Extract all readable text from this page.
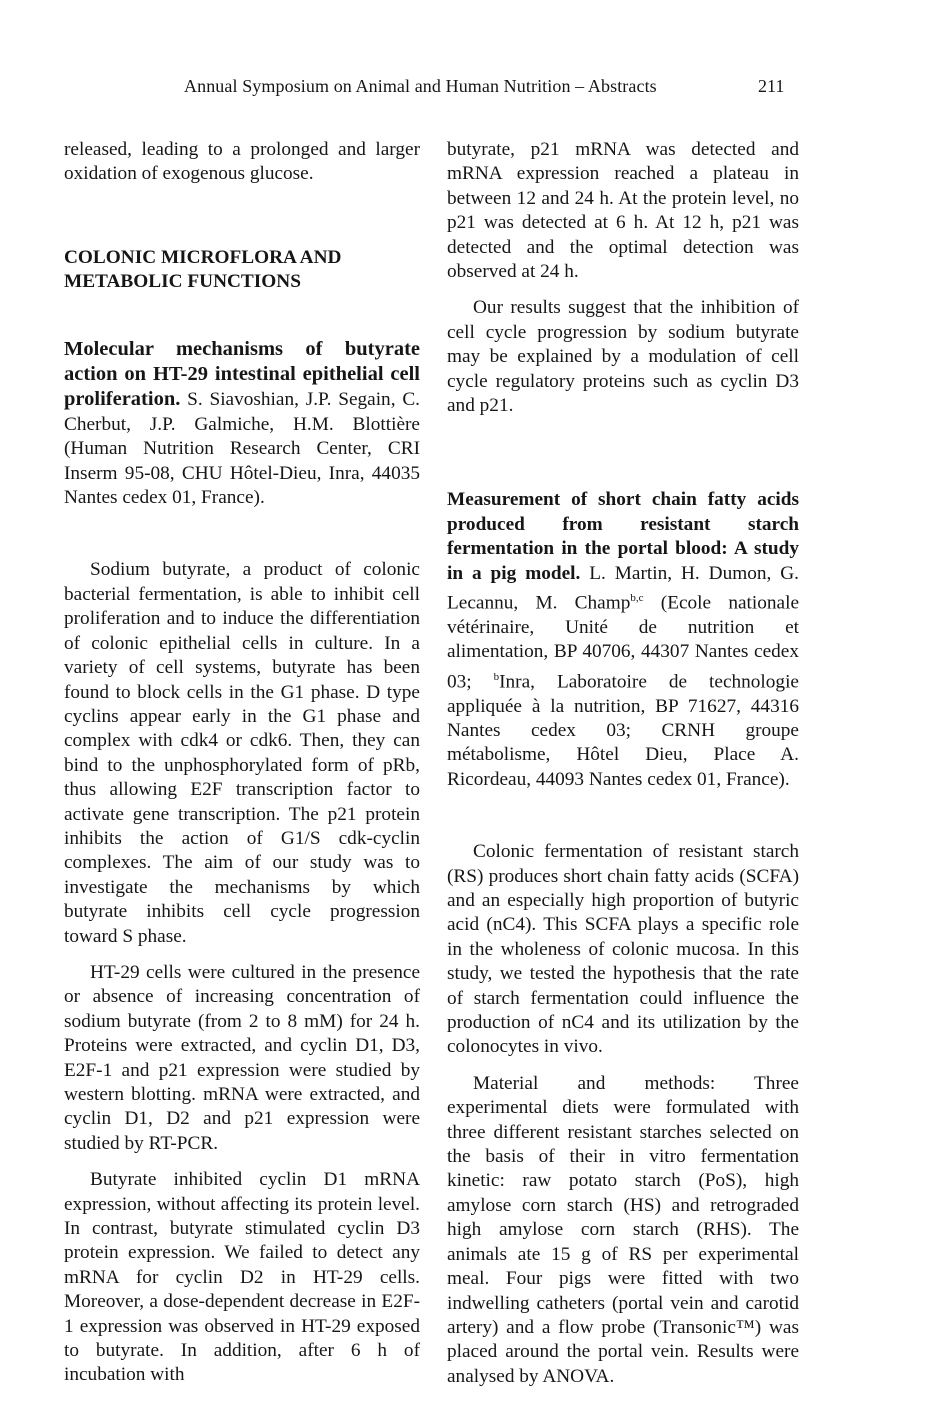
Annual Symposium on Animal and Human Nutrition – Abstracts	211

released, leading to a prolonged and larger oxidation of exogenous glucose.

COLONIC MICROFLORA AND METABOLIC FUNCTIONS

Molecular mechanisms of butyrate action on HT-29 intestinal epithelial cell proliferation. S. Siavoshian, J.P. Segain, C. Cherbut, J.P. Galmiche, H.M. Blottière (Human Nutrition Research Center, CRI Inserm 95-08, CHU Hôtel-Dieu, Inra, 44035 Nantes cedex 01, France).

Sodium butyrate, a product of colonic bacterial fermentation, is able to inhibit cell proliferation and to induce the differentiation of colonic epithelial cells in culture. In a variety of cell systems, butyrate has been found to block cells in the G1 phase. D type cyclins appear early in the G1 phase and complex with cdk4 or cdk6. Then, they can bind to the unphosphorylated form of pRb, thus allowing E2F transcription factor to activate gene transcription. The p21 protein inhibits the action of G1/S cdk-cyclin complexes. The aim of our study was to investigate the mechanisms by which butyrate inhibits cell cycle progression toward S phase.

HT-29 cells were cultured in the presence or absence of increasing concentration of sodium butyrate (from 2 to 8 mM) for 24 h. Proteins were extracted, and cyclin D1, D3, E2F-1 and p21 expression were studied by western blotting. mRNA were extracted, and cyclin D1, D2 and p21 expression were studied by RT-PCR.

Butyrate inhibited cyclin D1 mRNA expression, without affecting its protein level. In contrast, butyrate stimulated cyclin D3 protein expression. We failed to detect any mRNA for cyclin D2 in HT-29 cells. Moreover, a dose-dependent decrease in E2F-1 expression was observed in HT-29 exposed to butyrate. In addition, after 6 h of incubation with

butyrate, p21 mRNA was detected and mRNA expression reached a plateau in between 12 and 24 h. At the protein level, no p21 was detected at 6 h. At 12 h, p21 was detected and the optimal detection was observed at 24 h.

Our results suggest that the inhibition of cell cycle progression by sodium butyrate may be explained by a modulation of cell cycle regulatory proteins such as cyclin D3 and p21.

Measurement of short chain fatty acids produced from resistant starch fermentation in the portal blood: A study in a pig model. L. Martin, H. Dumon, G. Lecannu, M. Champ$^{b,c}$ (Ecole nationale vétérinaire, Unité de nutrition et alimentation, BP 40706, 44307 Nantes cedex 03; $^b$Inra, Laboratoire de technologie appliquée à la nutrition, BP 71627, 44316 Nantes cedex 03; CRNH groupe métabolisme, Hôtel Dieu, Place A. Ricordeau, 44093 Nantes cedex 01, France).

Colonic fermentation of resistant starch (RS) produces short chain fatty acids (SCFA) and an especially high proportion of butyric acid (nC4). This SCFA plays a specific role in the wholeness of colonic mucosa. In this study, we tested the hypothesis that the rate of starch fermentation could influence the production of nC4 and its utilization by the colonocytes in vivo.

Material and methods: Three experimental diets were formulated with three different resistant starches selected on the basis of their in vitro fermentation kinetic: raw potato starch (PoS), high amylose corn starch (HS) and retrograded high amylose corn starch (RHS). The animals ate 15 g of RS per experimental meal. Four pigs were fitted with two indwelling catheters (portal vein and carotid artery) and a flow probe (Transonic™) was placed around the portal vein. Results were analysed by ANOVA.
